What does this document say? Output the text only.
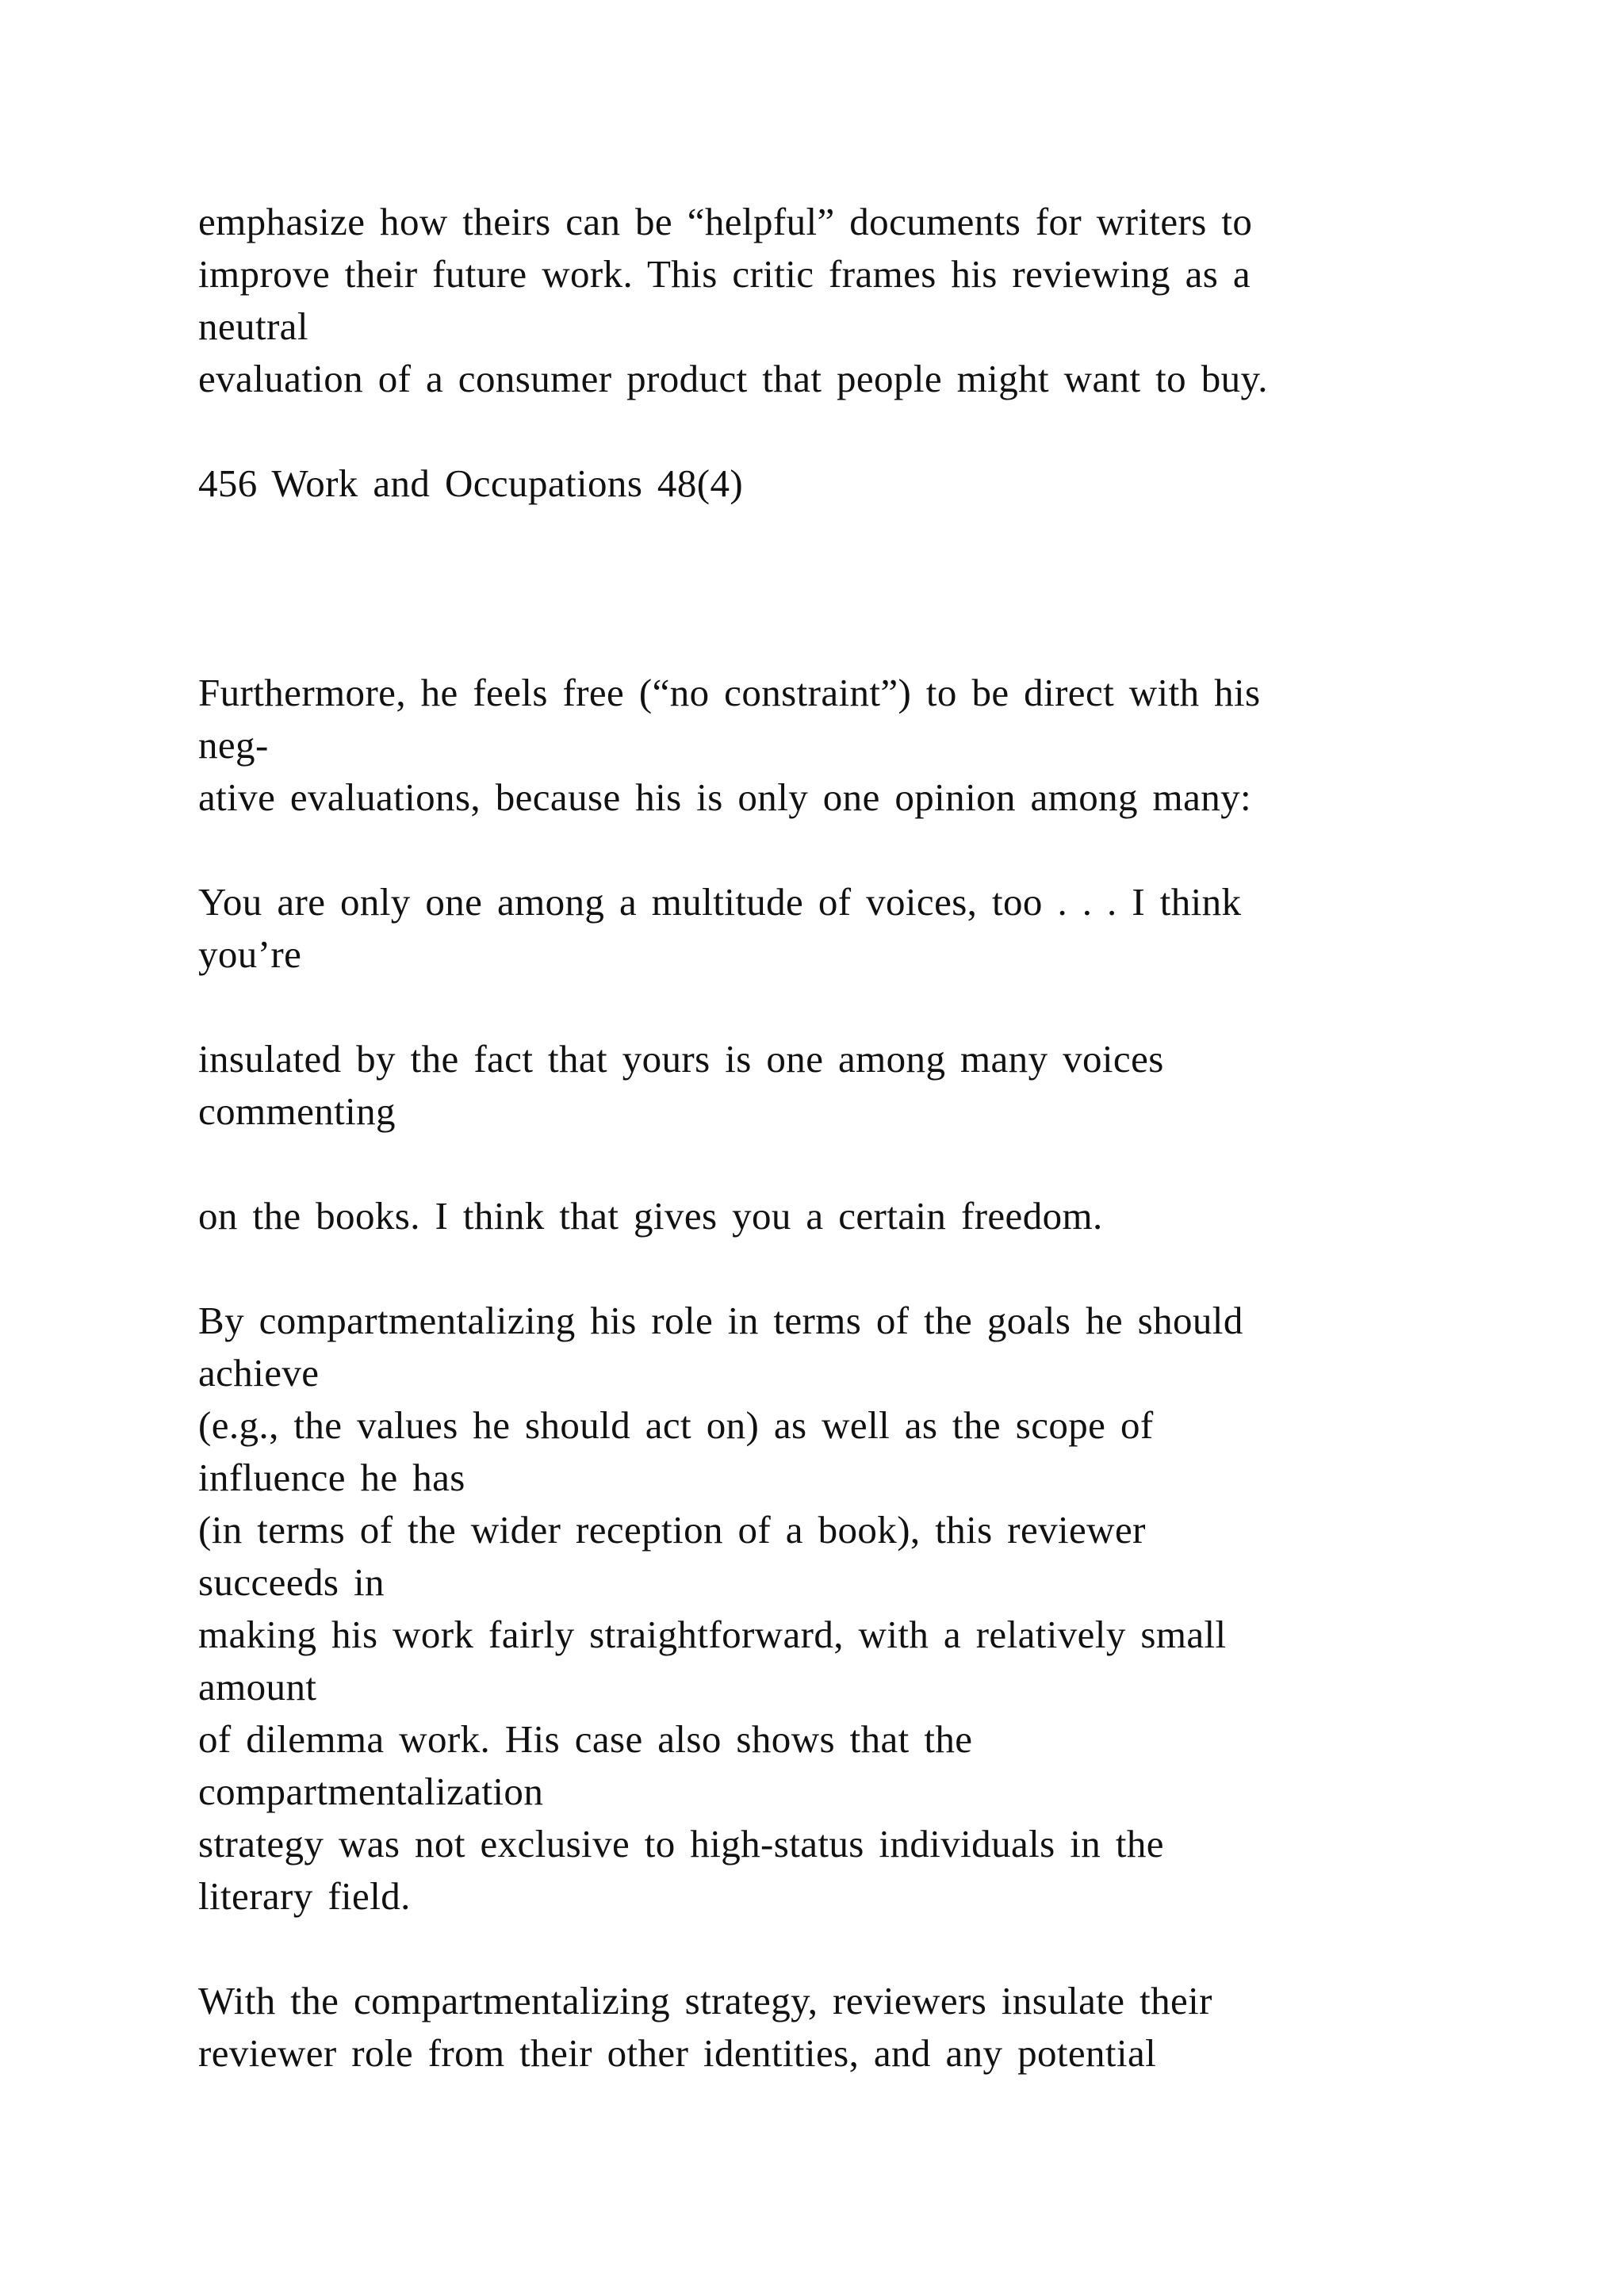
emphasize how theirs can be “helpful” documents for writers to

improve their future work. This critic frames his reviewing as a

neutral

evaluation of a consumer product that people might want to buy.

456 Work and Occupations 48(4)

Furthermore, he feels free (“no constraint”) to be direct with his

neg-

ative evaluations, because his is only one opinion among many:

You are only one among a multitude of voices, too . . . I think

you’re

insulated by the fact that yours is one among many voices

commenting

on the books. I think that gives you a certain freedom.

By compartmentalizing his role in terms of the goals he should

achieve

(e.g., the values he should act on) as well as the scope of

influence he has

(in terms of the wider reception of a book), this reviewer

succeeds in

making his work fairly straightforward, with a relatively small

amount

of dilemma work. His case also shows that the

compartmentalization

strategy was not exclusive to high-status individuals in the

literary field.

With the compartmentalizing strategy, reviewers insulate their

reviewer role from their other identities, and any potential
